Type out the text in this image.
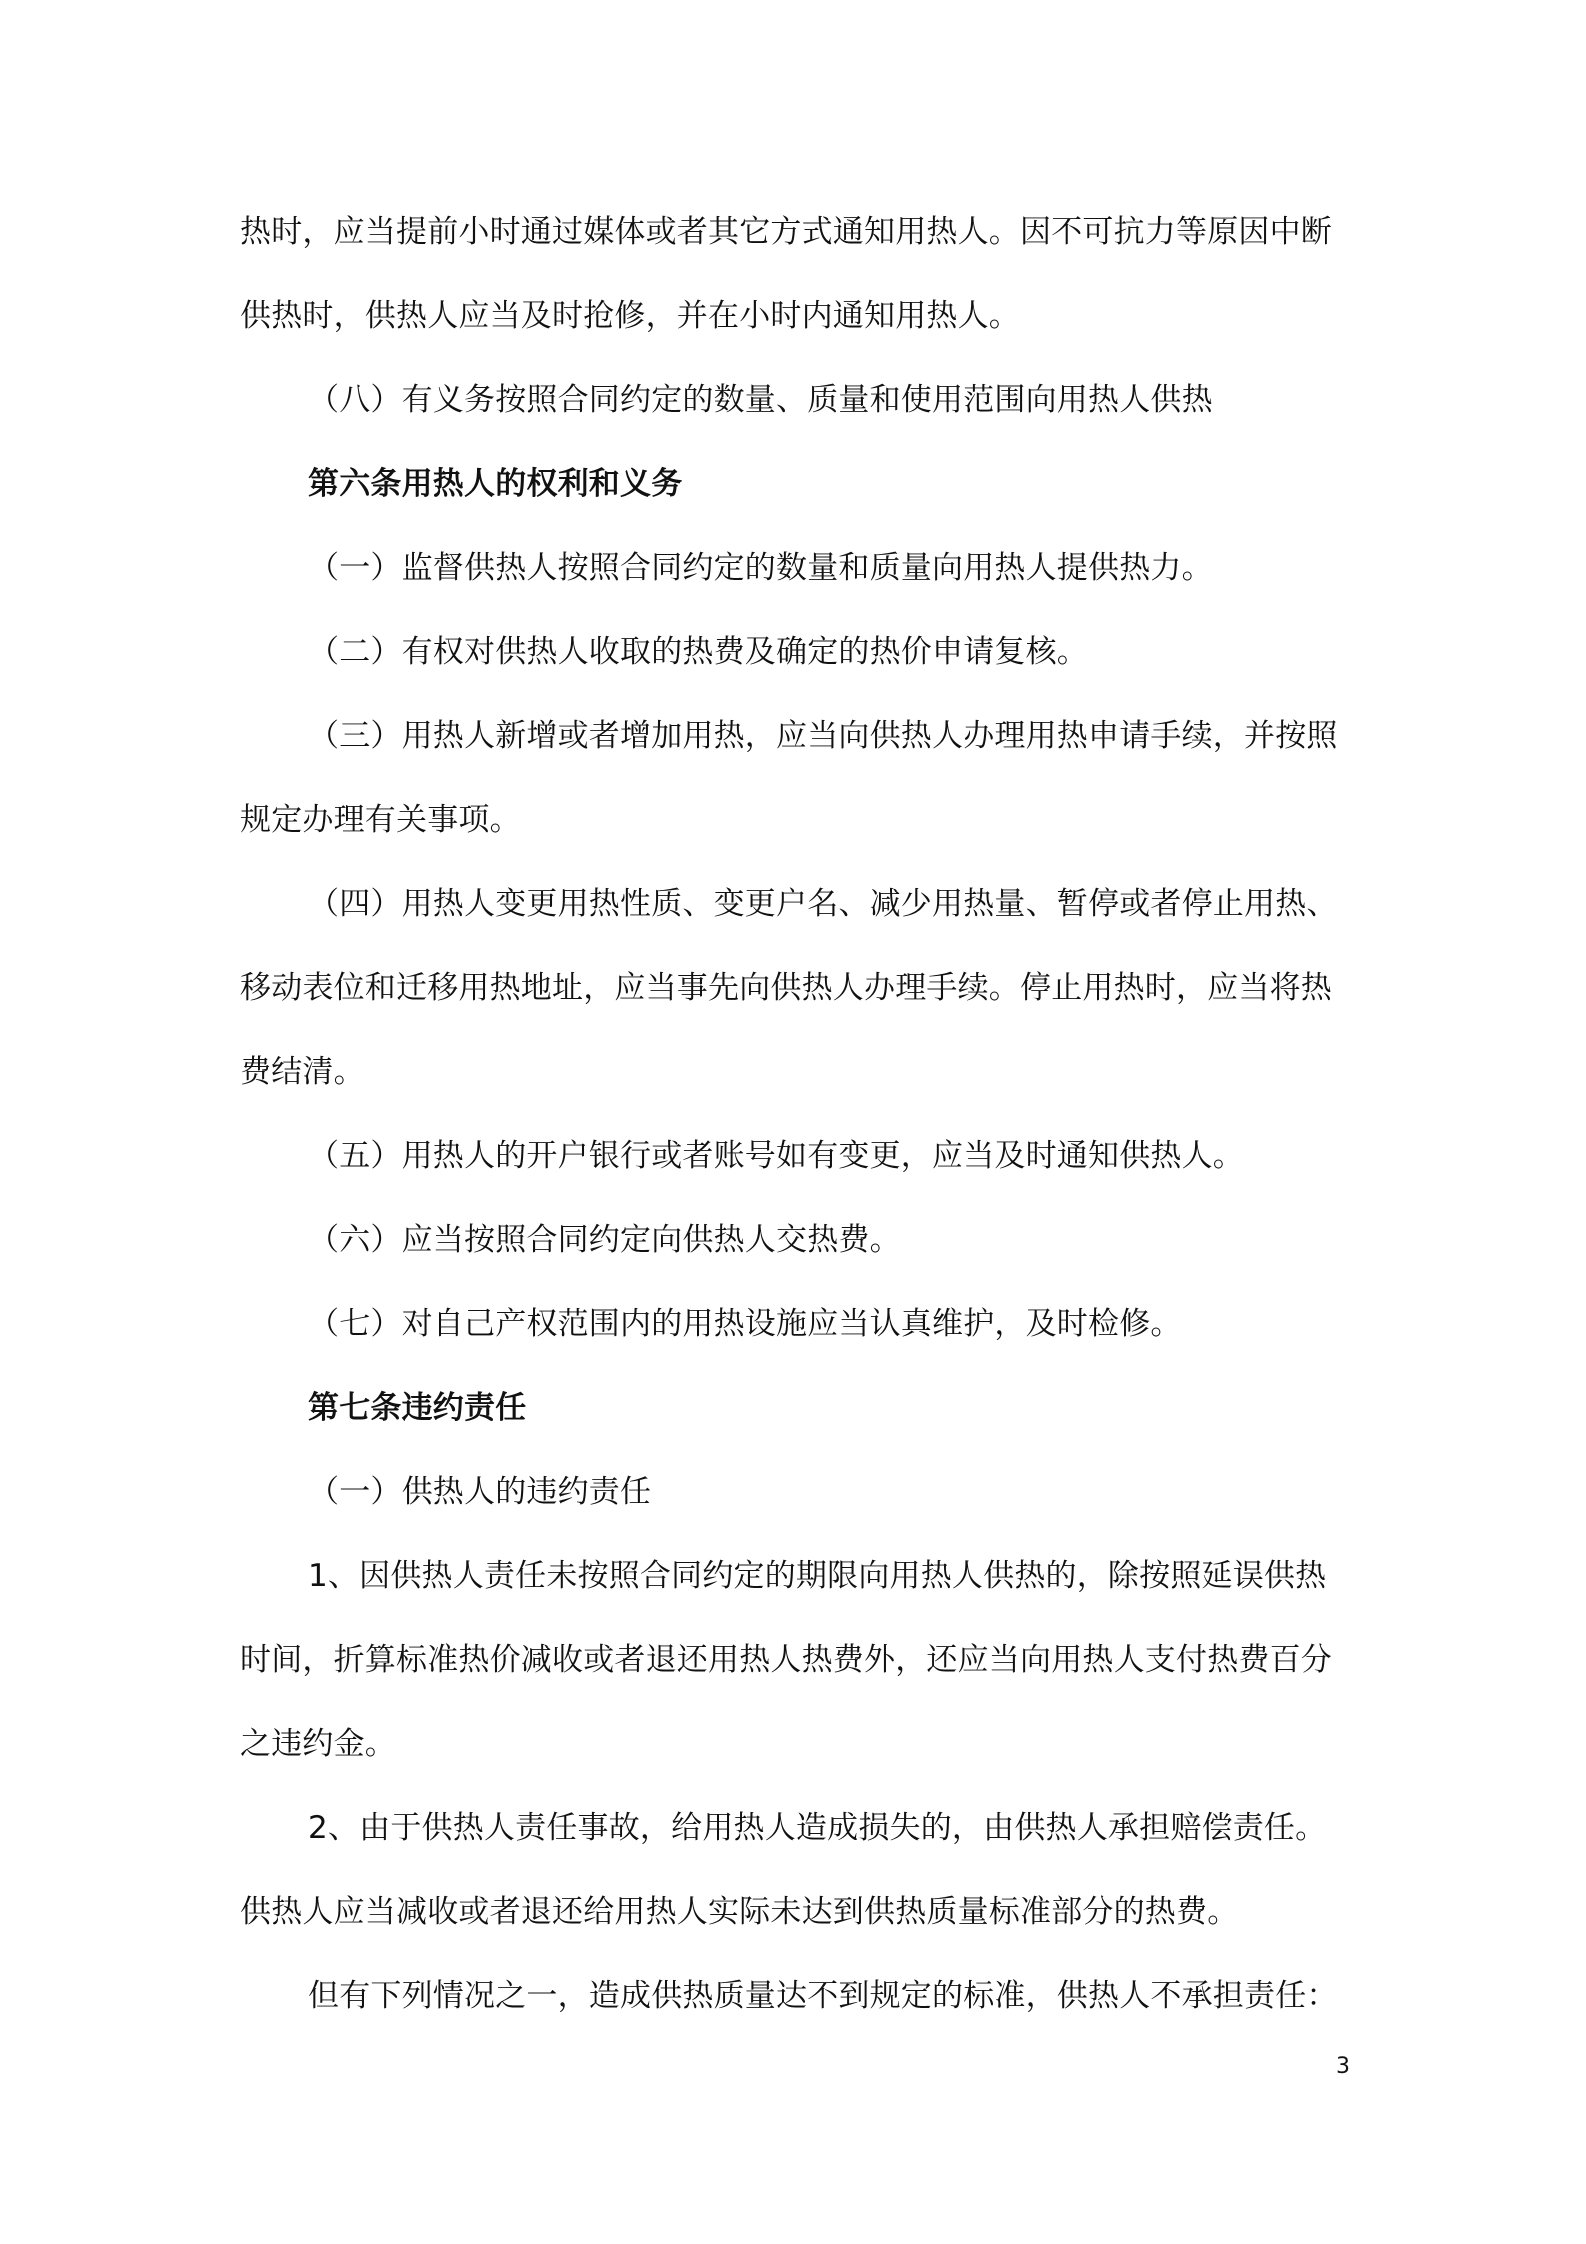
热时，应当提前小时通过媒体或者其它方式通知用热人。因不可抗力等原因中断
供热时，供热人应当及时抢修，并在小时内通知用热人。
（八）有义务按照合同约定的数量、质量和使用范围向用热人供热
第六条用热人的权利和义务
（一）监督供热人按照合同约定的数量和质量向用热人提供热力。
（二）有权对供热人收取的热费及确定的热价申请复核。
（三）用热人新增或者增加用热，应当向供热人办理用热申请手续，并按照
规定办理有关事项。
（四）用热人变更用热性质、变更户名、减少用热量、暂停或者停止用热、
移动表位和迁移用热地址，应当事先向供热人办理手续。停止用热时，应当将热
费结清。
（五）用热人的开户银行或者账号如有变更，应当及时通知供热人。
（六）应当按照合同约定向供热人交热费。
（七）对自己产权范围内的用热设施应当认真维护，及时检修。
第七条违约责任
（一）供热人的违约责任
1、因供热人责任未按照合同约定的期限向用热人供热的，除按照延误供热
时间，折算标准热价减收或者退还用热人热费外，还应当向用热人支付热费百分
之违约金。
2、由于供热人责任事故，给用热人造成损失的，由供热人承担赔偿责任。
供热人应当减收或者退还给用热人实际未达到供热质量标准部分的热费。
但有下列情况之一，造成供热质量达不到规定的标准，供热人不承担责任：
3
